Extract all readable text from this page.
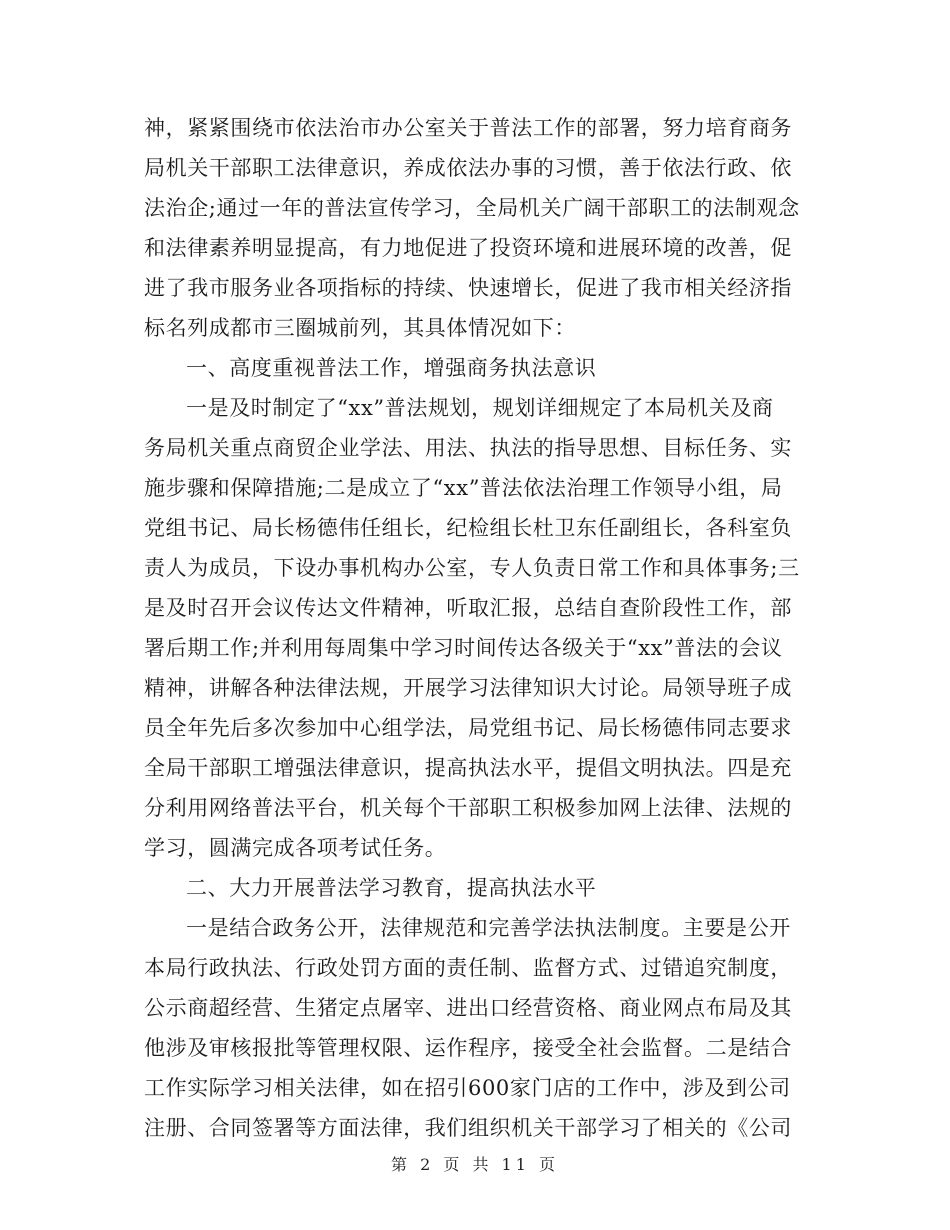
神，紧紧围绕市依法治市办公室关于普法工作的部署，努力培育商务
局机关干部职工法律意识，养成依法办事的习惯，善于依法行政、依
法治企;通过一年的普法宣传学习，全局机关广阔干部职工的法制观念
和法律素养明显提高，有力地促进了投资环境和进展环境的改善，促
进了我市服务业各项指标的持续、快速增长，促进了我市相关经济指
标名列成都市三圈城前列，其具体情况如下：
一、高度重视普法工作，增强商务执法意识
一是及时制定了“xx”普法规划，规划详细规定了本局机关及商
务局机关重点商贸企业学法、用法、执法的指导思想、目标任务、实
施步骤和保障措施;二是成立了“xx”普法依法治理工作领导小组，局
党组书记、局长杨德伟任组长，纪检组长杜卫东任副组长，各科室负
责人为成员，下设办事机构办公室，专人负责日常工作和具体事务;三
是及时召开会议传达文件精神，听取汇报，总结自查阶段性工作，部
署后期工作;并利用每周集中学习时间传达各级关于“xx”普法的会议
精神，讲解各种法律法规，开展学习法律知识大讨论。局领导班子成
员全年先后多次参加中心组学法，局党组书记、局长杨德伟同志要求
全局干部职工增强法律意识，提高执法水平，提倡文明执法。四是充
分利用网络普法平台，机关每个干部职工积极参加网上法律、法规的
学习，圆满完成各项考试任务。
二、大力开展普法学习教育，提高执法水平
一是结合政务公开，法律规范和完善学法执法制度。主要是公开
本局行政执法、行政处罚方面的责任制、监督方式、过错追究制度，
公示商超经营、生猪定点屠宰、进出口经营资格、商业网点布局及其
他涉及审核报批等管理权限、运作程序，接受全社会监督。二是结合
工作实际学习相关法律，如在招引600家门店的工作中，涉及到公司
注册、合同签署等方面法律，我们组织机关干部学习了相关的《公司
第 2 页 共 11 页
